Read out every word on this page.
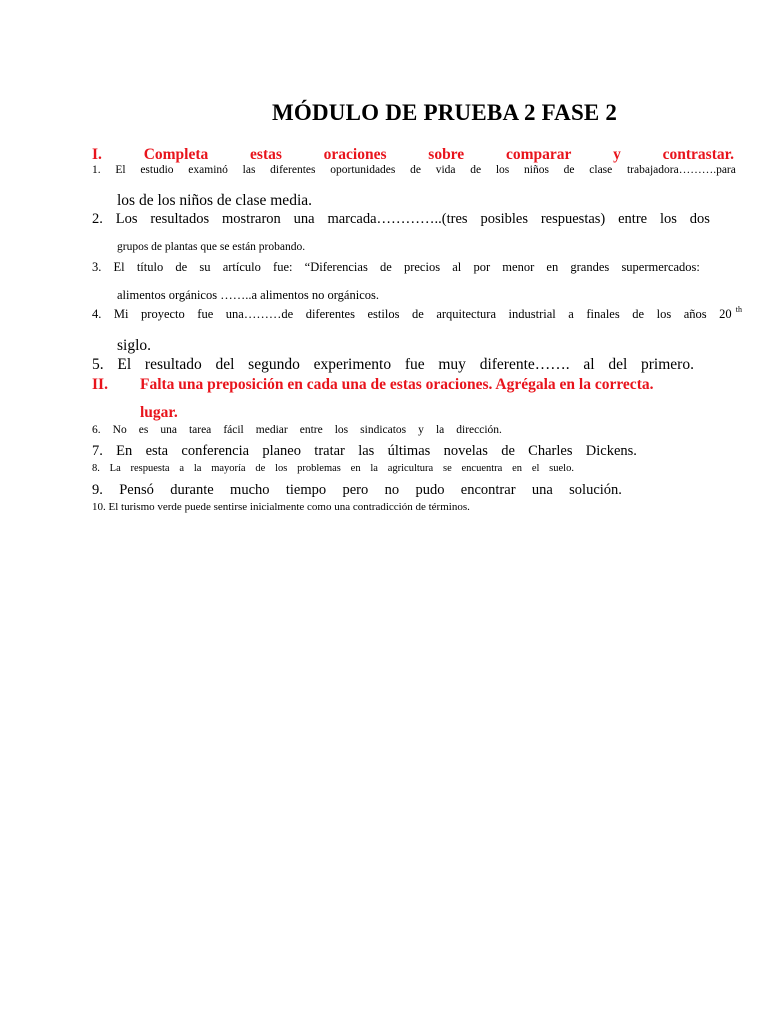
MÓDULO DE PRUEBA 2 FASE 2
I.	Completa	estas	oraciones	sobre	comparar	y	contrastar.
1. El estudio examinó las diferentes oportunidades de vida de los niños de clase trabajadora……….para
los de los niños de clase media.
2. Los resultados mostraron una marcada…………..(tres posibles respuestas) entre los dos
grupos de plantas que se están probando.
3. El título de su artículo fue: “Diferencias de precios al por menor en grandes supermercados:
alimentos orgánicos ……..a alimentos no orgánicos.
4. Mi proyecto fue una………de diferentes estilos de arquitectura industrial a finales de los años 20 $^{th}$
siglo.
5. El resultado del segundo experimento fue muy diferente……. al del primero.
II. Falta una preposición en cada una de estas oraciones. Agrégala en la correcta.
lugar.
6. No es una tarea fácil mediar entre los sindicatos y la dirección.
7. En esta conferencia planeo tratar las últimas novelas de Charles Dickens.
8. La respuesta a la mayoría de los problemas en la agricultura se encuentra en el suelo.
9. Pensó durante mucho tiempo pero no pudo encontrar una solución.
10. El turismo verde puede sentirse inicialmente como una contradicción de términos.
